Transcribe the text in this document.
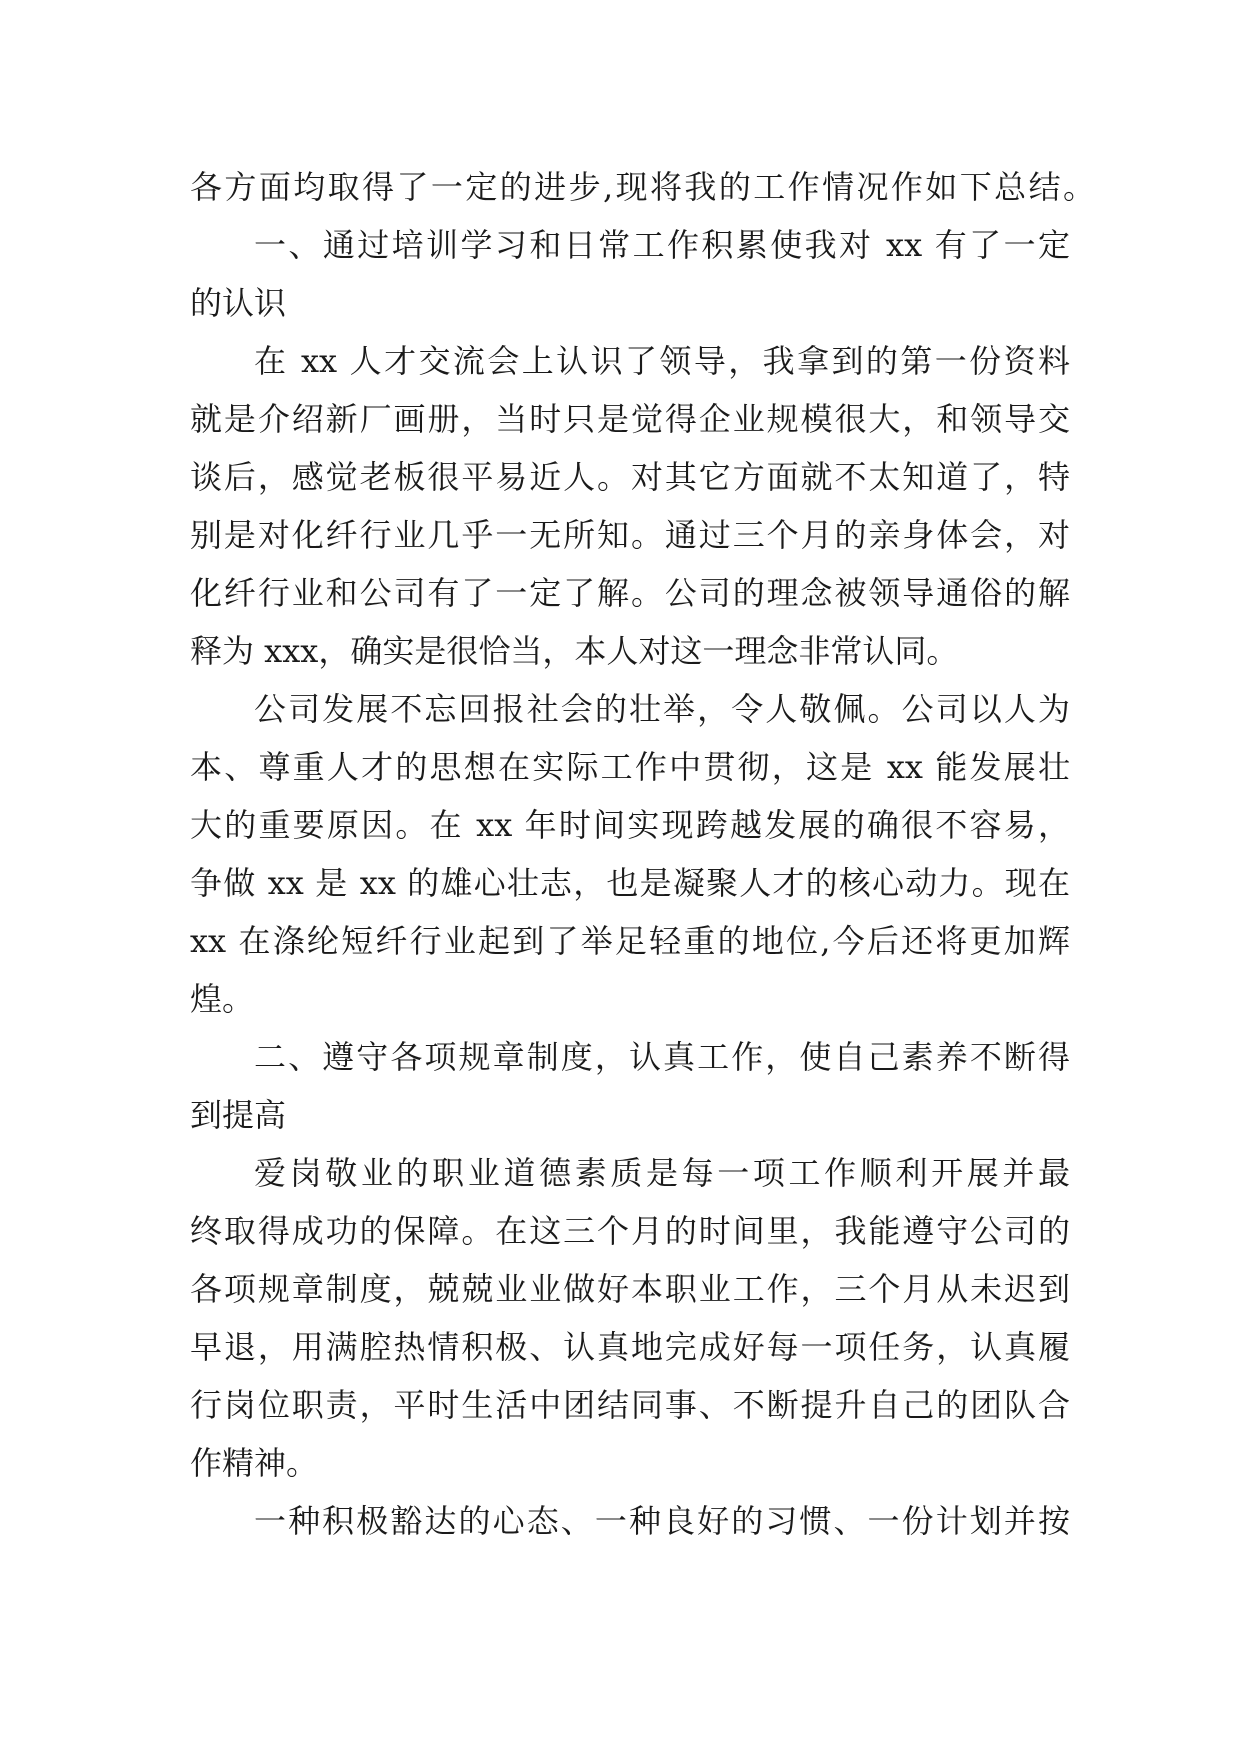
各方面均取得了一定的进步,现将我的工作情况作如下总结。
一、通过培训学习和日常工作积累使我对 xx 有了一定
的认识
在 xx 人才交流会上认识了领导，我拿到的第一份资料
就是介绍新厂画册，当时只是觉得企业规模很大，和领导交
谈后，感觉老板很平易近人。对其它方面就不太知道了，特
别是对化纤行业几乎一无所知。通过三个月的亲身体会，对
化纤行业和公司有了一定了解。公司的理念被领导通俗的解
释为 xxx，确实是很恰当，本人对这一理念非常认同。
公司发展不忘回报社会的壮举，令人敬佩。公司以人为
本、尊重人才的思想在实际工作中贯彻，这是 xx 能发展壮
大的重要原因。在 xx 年时间实现跨越发展的确很不容易，
争做 xx 是 xx 的雄心壮志，也是凝聚人才的核心动力。现在
xx 在涤纶短纤行业起到了举足轻重的地位,今后还将更加辉
煌。
二、遵守各项规章制度，认真工作，使自己素养不断得
到提高
爱岗敬业的职业道德素质是每一项工作顺利开展并最
终取得成功的保障。在这三个月的时间里，我能遵守公司的
各项规章制度，兢兢业业做好本职业工作，三个月从未迟到
早退，用满腔热情积极、认真地完成好每一项任务，认真履
行岗位职责，平时生活中团结同事、不断提升自己的团队合
作精神。
一种积极豁达的心态、一种良好的习惯、一份计划并按
